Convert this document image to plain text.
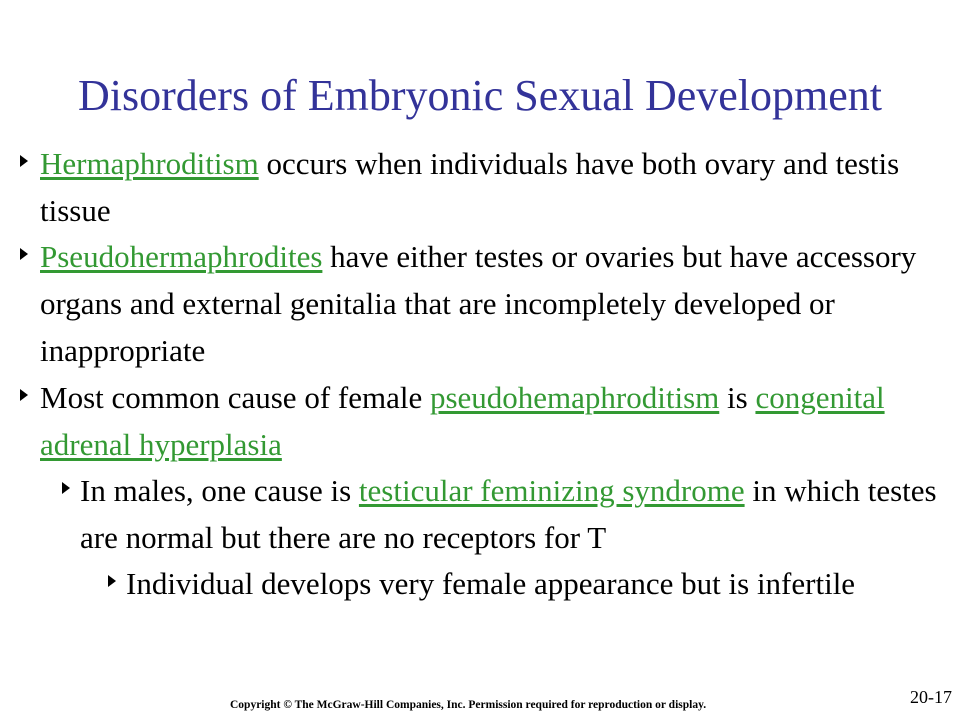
Disorders of Embryonic Sexual Development

Hermaphroditism occurs when individuals have both ovary and testis tissue

Pseudohermaphrodites have either testes or ovaries but have accessory organs and external genitalia that are incompletely developed or inappropriate

Most common cause of female pseudohemaphroditism is congenital adrenal hyperplasia

In males, one cause is testicular feminizing syndrome in which testes are normal but there are no receptors for T

Individual develops very female appearance but is infertile

Copyright © The McGraw-Hill Companies, Inc. Permission required for reproduction or display.	20-17
